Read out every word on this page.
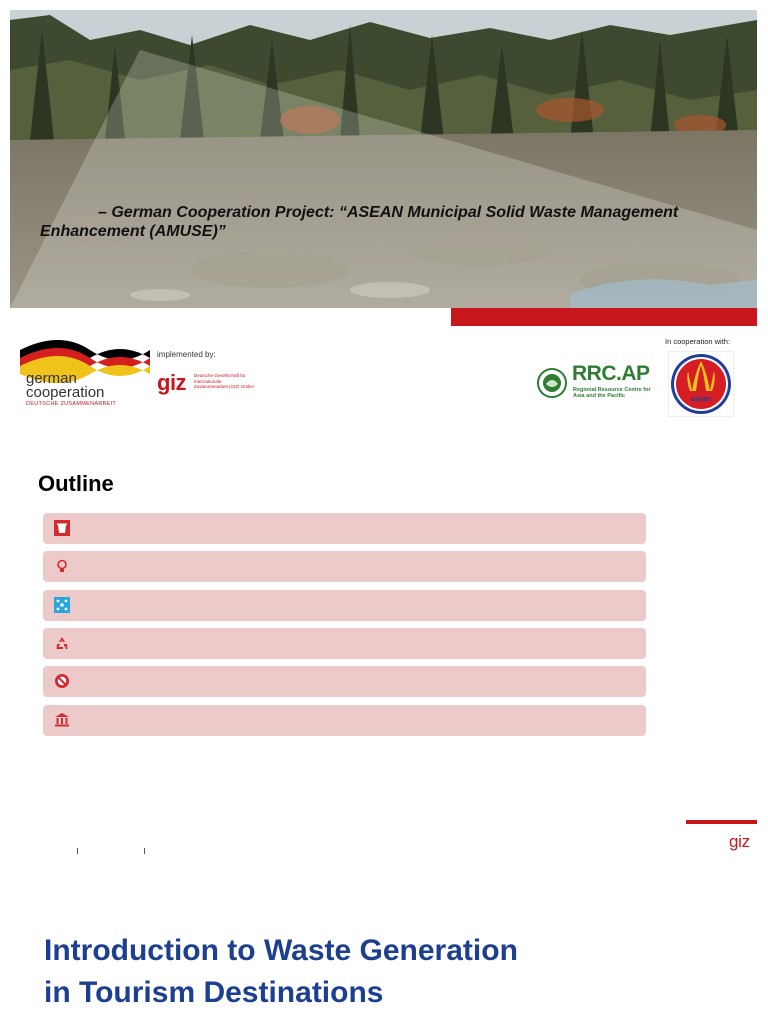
– German Cooperation Project: “ASEAN Municipal Solid Waste Management
Enhancement (AMUSE)”
german
cooperation
DEUTSCHE ZUSAMMENARBEIT
implemented by:
giz Deutsche Gesellschaft für Internationale Zusammenarbeit (GIZ) GmbH
In cooperation with:
RRC.AP
Regional Resource Centre for Asia and the Pacific	asean
Outline
giz
Introduction to Waste Generation
in Tourism Destinations
